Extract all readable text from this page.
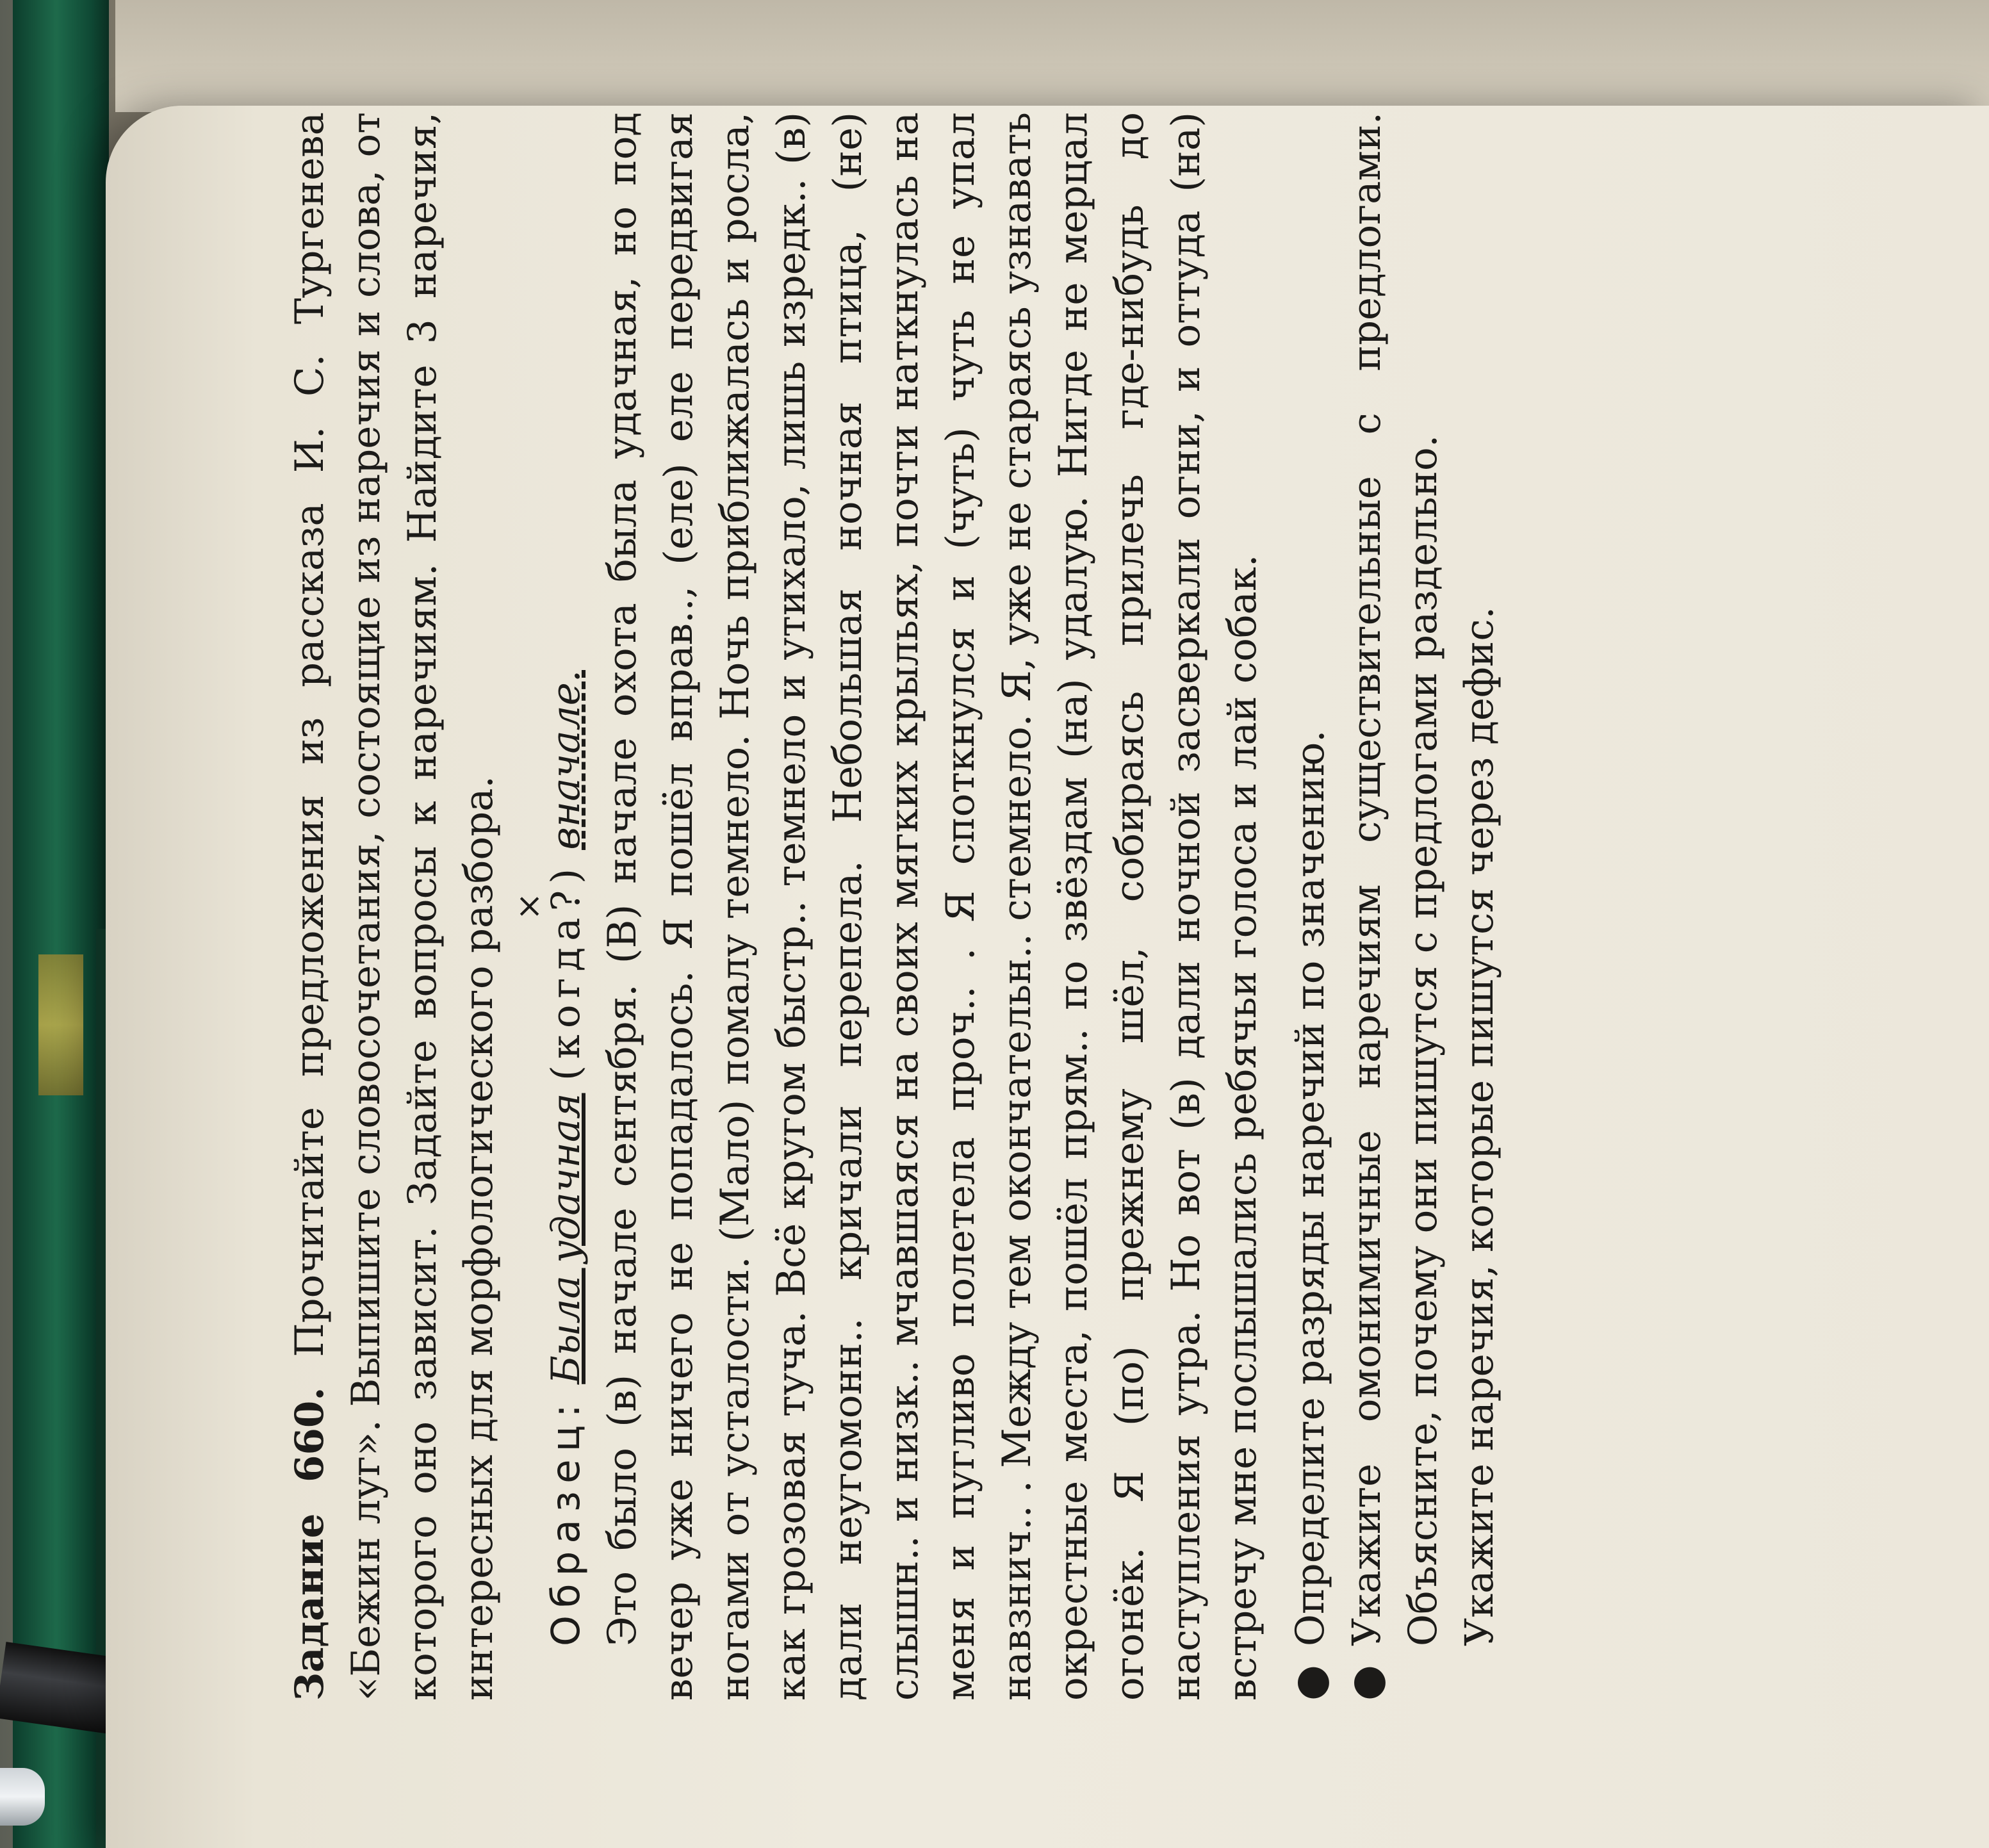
Задание 660. Прочитайте предложения из рассказа И. С. Тургенева «Бежин луг». Выпишите словосочетания, состоящие из наречия и слова, от которого оно зависит. Задайте вопросы к наречиям. Найдите 3 наречия, интересных для морфологического разбора. ×

Образец: Была удачная (когда?) вначале. Это было (в) начале сентября. (В) начале охота была удачная, но под вечер уже ничего не попадалось. Я пошёл вправ.., (еле) еле передвигая ногами от усталости. (Мало) помалу темнело. Ночь приближалась и росла, как грозовая туча. Всё кругом быстр.. темнело и утихало, лишь изредк.. (в) дали неугомонн.. кричали перепела. Небольшая ночная птица, (не) слышн.. и низк.. мчавшаяся на своих мягких крыльях, почти наткнулась на меня и пугливо полетела проч.. . Я споткнулся и (чуть) чуть не упал навзнич.. . Между тем окончательн.. стемнело. Я, уже не стараясь узнавать окрестные места, пошёл прям.. по звёздам (на) удалую. Нигде не мерцал огонёк. Я (по) прежнему шёл, собираясь прилечь где-нибудь до наступления утра. Но вот (в) дали ночной засверкали огни, и оттуда (на) встречу мне послышались ребячьи голоса и лай собак. ●
Определите разряды наречий по значению.
●
Укажите омонимичные наречиям существительные с предлогами. Объясните, почему они пишутся с предлогами раздельно. Укажите наречия, которые пишутся через дефис.
